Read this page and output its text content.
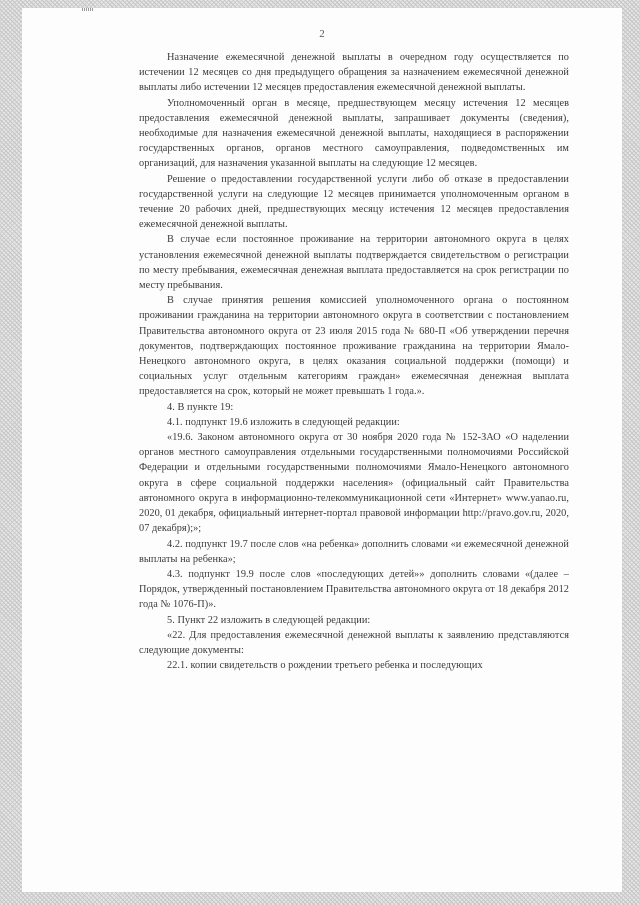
2

Назначение ежемесячной денежной выплаты в очередном году осуществляется по истечении 12 месяцев со дня предыдущего обращения за назначением ежемесячной денежной выплаты либо истечении 12 месяцев предоставления ежемесячной денежной выплаты.

Уполномоченный орган в месяце, предшествующем месяцу истечения 12 месяцев предоставления ежемесячной денежной выплаты, запрашивает документы (сведения), необходимые для назначения ежемесячной денежной выплаты, находящиеся в распоряжении государственных органов, органов местного самоуправления, подведомственных им организаций, для назначения указанной выплаты на следующие 12 месяцев.

Решение о предоставлении государственной услуги либо об отказе в предоставлении государственной услуги на следующие 12 месяцев принимается уполномоченным органом в течение 20 рабочих дней, предшествующих месяцу истечения 12 месяцев предоставления ежемесячной денежной выплаты.

В случае если постоянное проживание на территории автономного округа в целях установления ежемесячной денежной выплаты подтверждается свидетельством о регистрации по месту пребывания, ежемесячная денежная выплата предоставляется на срок регистрации по месту пребывания.

В случае принятия решения комиссией уполномоченного органа о постоянном проживании гражданина на территории автономного округа в соответствии с постановлением Правительства автономного округа от 23 июля 2015 года № 680-П «Об утверждении перечня документов, подтверждающих постоянное проживание гражданина на территории Ямало-Ненецкого автономного округа, в целях оказания социальной поддержки (помощи) и социальных услуг отдельным категориям граждан» ежемесячная денежная выплата предоставляется на срок, который не может превышать 1 года.».

4. В пункте 19:

4.1. подпункт 19.6 изложить в следующей редакции:

«19.6. Законом автономного округа от 30 ноября 2020 года № 152-ЗАО «О наделении органов местного самоуправления отдельными государственными полномочиями Российской Федерации и отдельными государственными полномочиями Ямало-Ненецкого автономного округа в сфере социальной поддержки населения» (официальный сайт Правительства автономного округа в информационно-телекоммуникационной сети «Интернет» www.yanao.ru, 2020, 01 декабря, официальный интернет-портал правовой информации http://pravo.gov.ru, 2020, 07 декабря);»;

4.2. подпункт 19.7 после слов «на ребенка» дополнить словами «и ежемесячной денежной выплаты на ребенка»;

4.3. подпункт 19.9 после слов «последующих детей»» дополнить словами «(далее – Порядок, утвержденный постановлением Правительства автономного округа от 18 декабря 2012 года № 1076-П)».

5. Пункт 22 изложить в следующей редакции:

«22. Для предоставления ежемесячной денежной выплаты к заявлению представляются следующие документы:

22.1. копии свидетельств о рождении третьего ребенка и последующих
